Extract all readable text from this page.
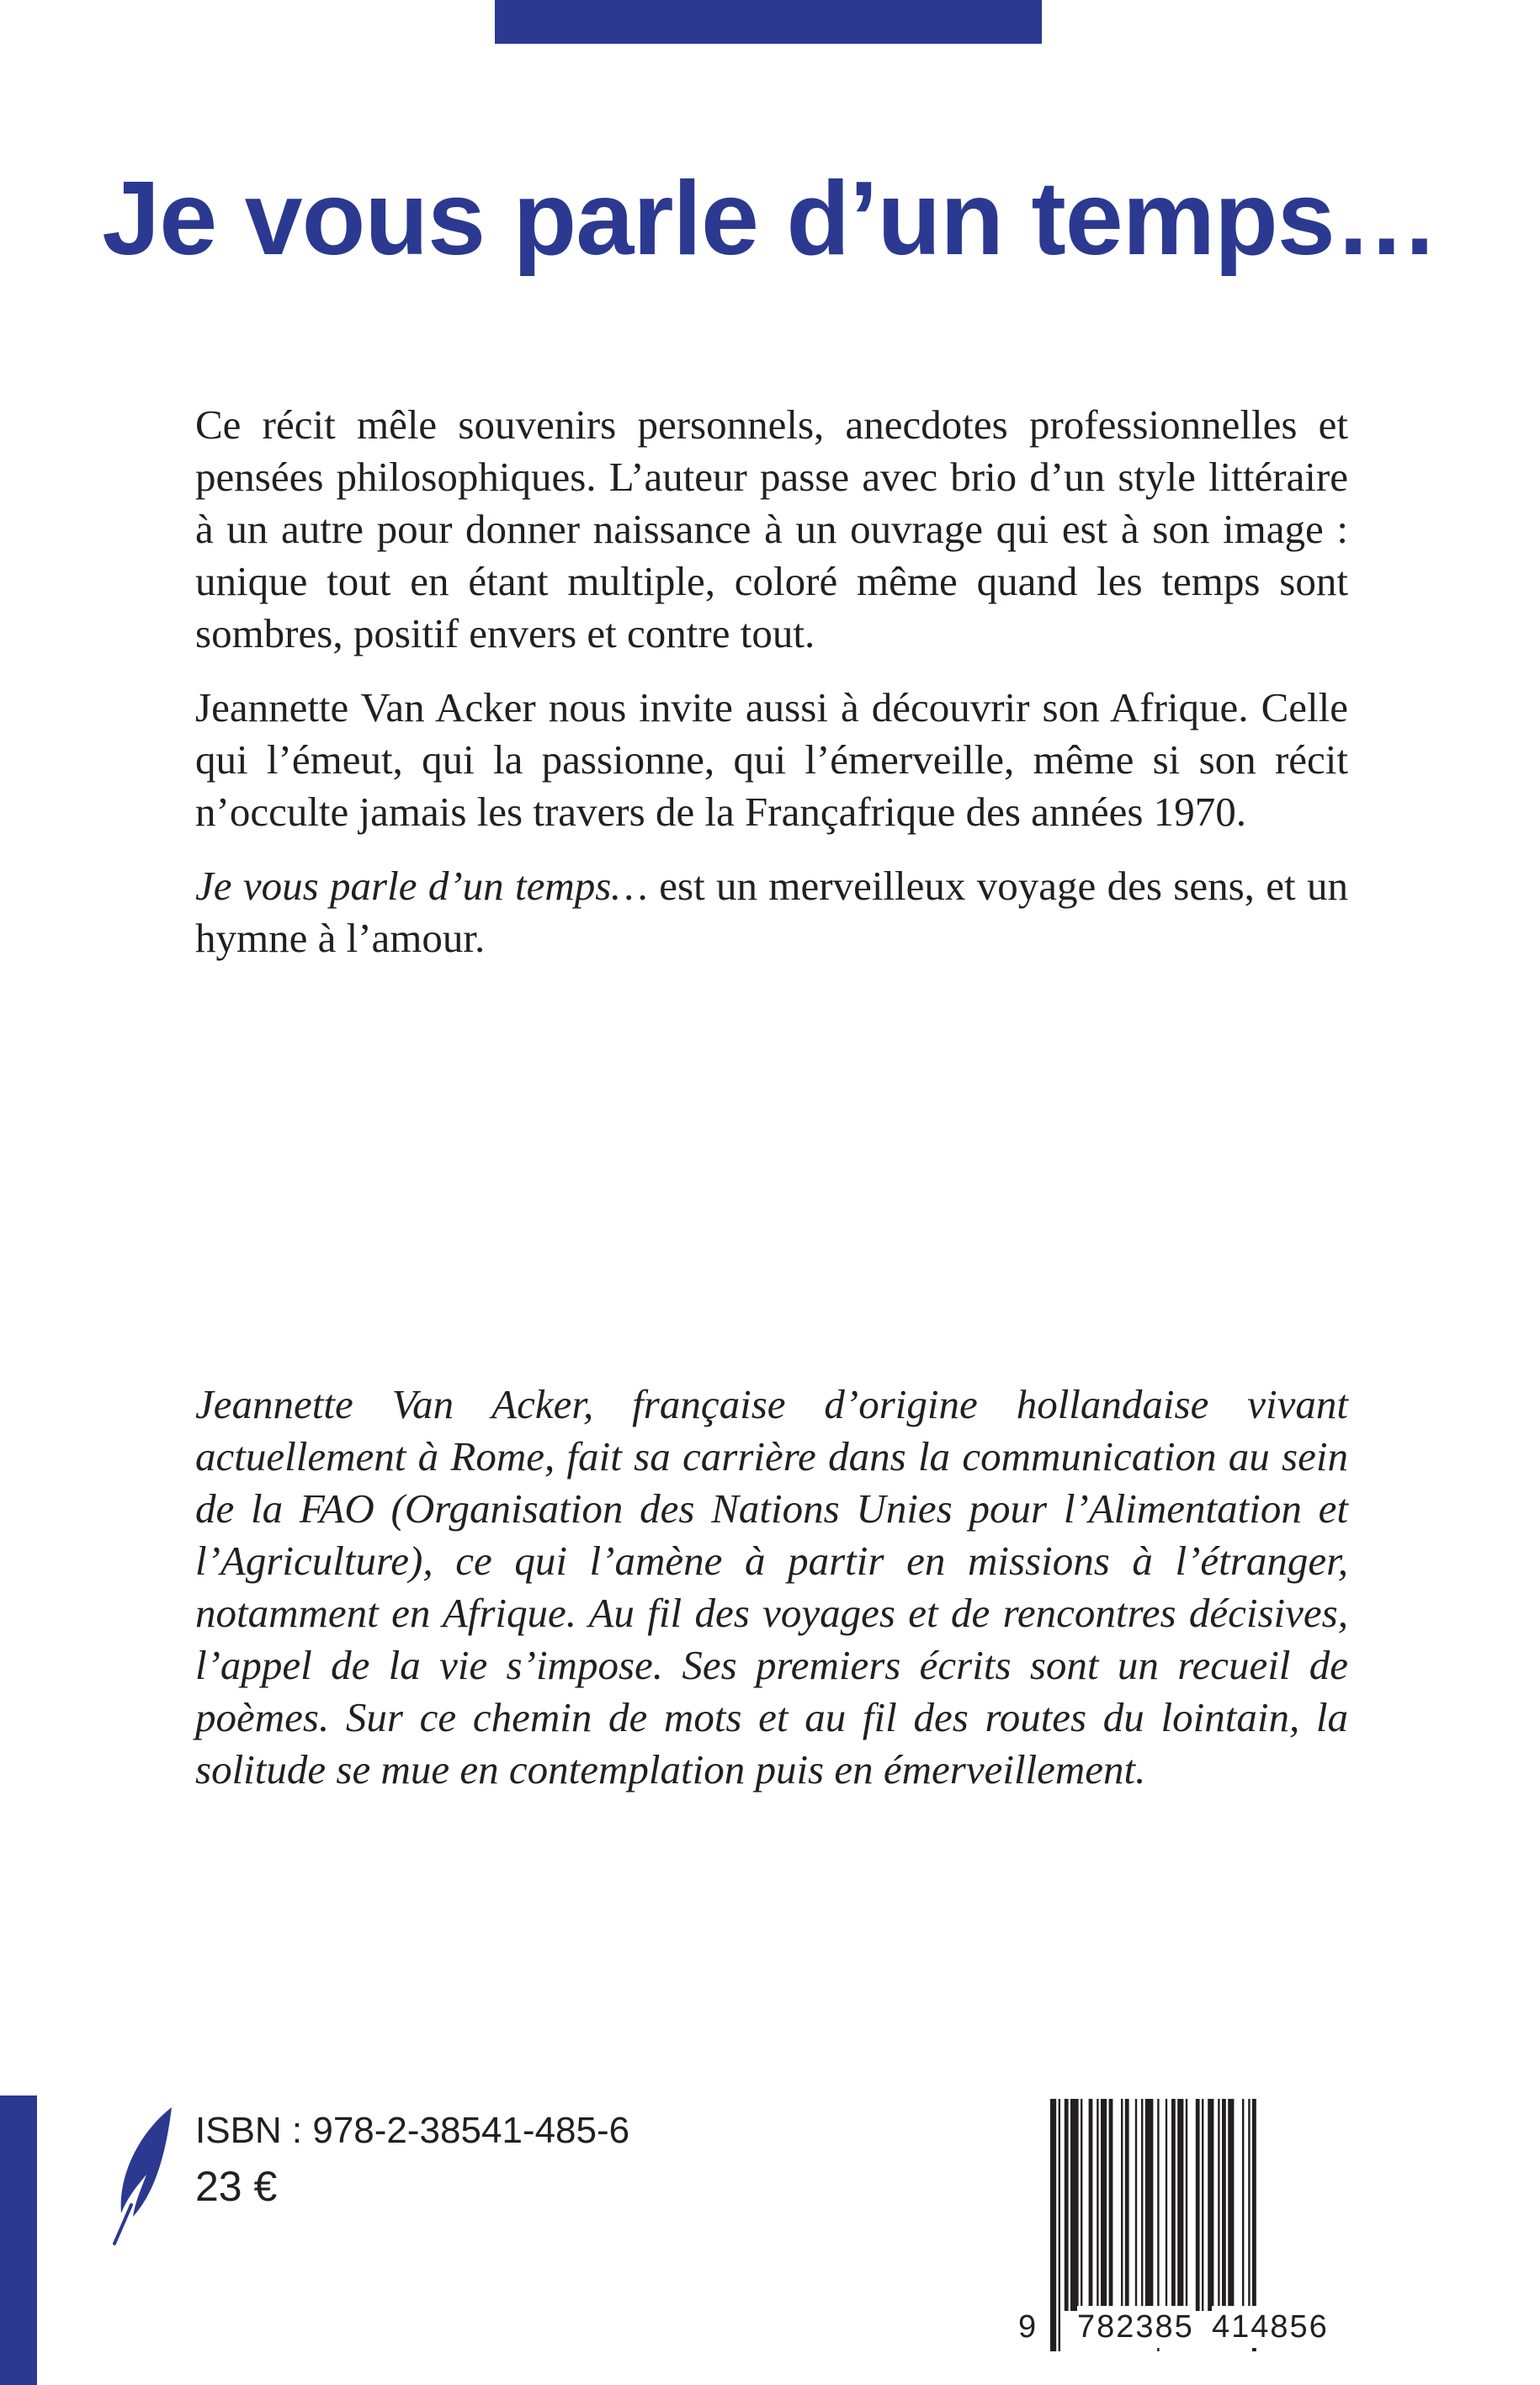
Je vous parle d’un temps…

Ce récit mêle souvenirs personnels, anecdotes professionnelles et pensées philosophiques. L’auteur passe avec brio d’un style littéraire à un autre pour donner naissance à un ouvrage qui est à son image : unique tout en étant multiple, coloré même quand les temps sont sombres, positif envers et contre tout.

Jeannette Van Acker nous invite aussi à découvrir son Afrique. Celle qui l’émeut, qui la passionne, qui l’émerveille, même si son récit n’occulte jamais les travers de la Françafrique des années 1970.

Je vous parle d’un temps… est un merveilleux voyage des sens, et un hymne à l’amour.

Jeannette Van Acker, française d’origine hollandaise vivant actuellement à Rome, fait sa carrière dans la communication au sein de la FAO (Organisation des Nations Unies pour l’Alimentation et l’Agriculture), ce qui l’amène à partir en missions à l’étranger, notamment en Afrique. Au fil des voyages et de rencontres décisives, l’appel de la vie s’impose. Ses premiers écrits sont un recueil de poèmes. Sur ce chemin de mots et au fil des routes du lointain, la solitude se mue en contemplation puis en émerveillement.

ISBN : 978-2-38541-485-6
23 €
9 782385 414856
